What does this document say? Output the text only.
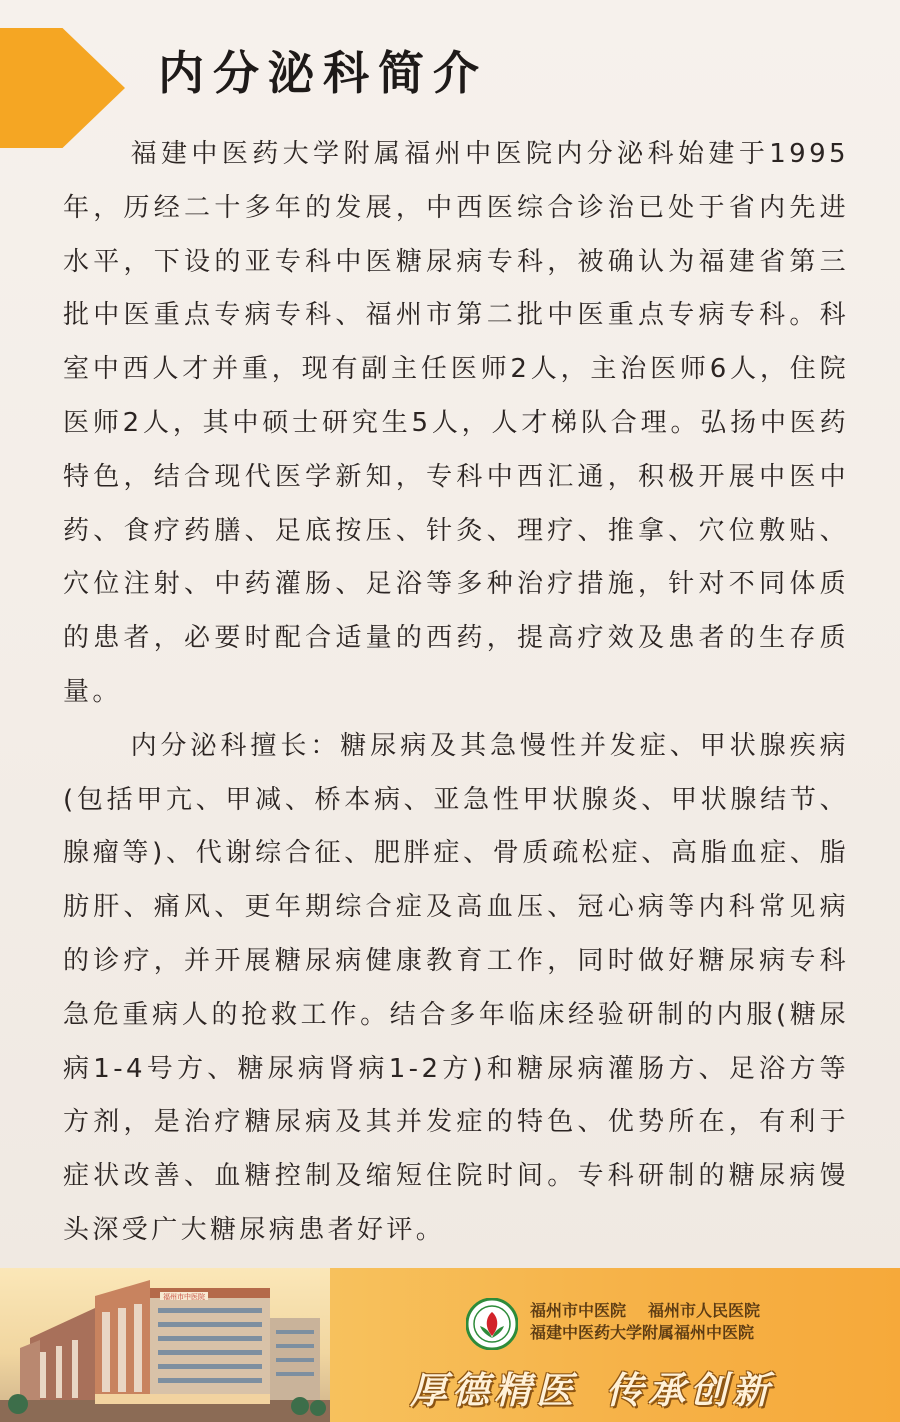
内分泌科简介

福建中医药大学附属福州中医院内分泌科始建于1995年，历经二十多年的发展，中西医综合诊治已处于省内先进水平，下设的亚专科中医糖尿病专科，被确认为福建省第三批中医重点专病专科、福州市第二批中医重点专病专科。科室中西人才并重，现有副主任医师2人，主治医师6人，住院医师2人，其中硕士研究生5人，人才梯队合理。弘扬中医药特色，结合现代医学新知，专科中西汇通，积极开展中医中药、食疗药膳、足底按压、针灸、理疗、推拿、穴位敷贴、穴位注射、中药灌肠、足浴等多种治疗措施，针对不同体质的患者，必要时配合适量的西药，提高疗效及患者的生存质量。

内分泌科擅长：糖尿病及其急慢性并发症、甲状腺疾病(包括甲亢、甲减、桥本病、亚急性甲状腺炎、甲状腺结节、腺瘤等)、代谢综合征、肥胖症、骨质疏松症、高脂血症、脂肪肝、痛风、更年期综合症及高血压、冠心病等内科常见病的诊疗，并开展糖尿病健康教育工作，同时做好糖尿病专科急危重病人的抢救工作。结合多年临床经验研制的内服(糖尿病1-4号方、糖尿病肾病1-2方)和糖尿病灌肠方、足浴方等方剂，是治疗糖尿病及其并发症的特色、优势所在，有利于症状改善、血糖控制及缩短住院时间。专科研制的糖尿病馒头深受广大糖尿病患者好评。

福州市中医院
福州市中医院 福州市人民医院
福建中医药大学附属福州中医院
厚德精医 传承创新
